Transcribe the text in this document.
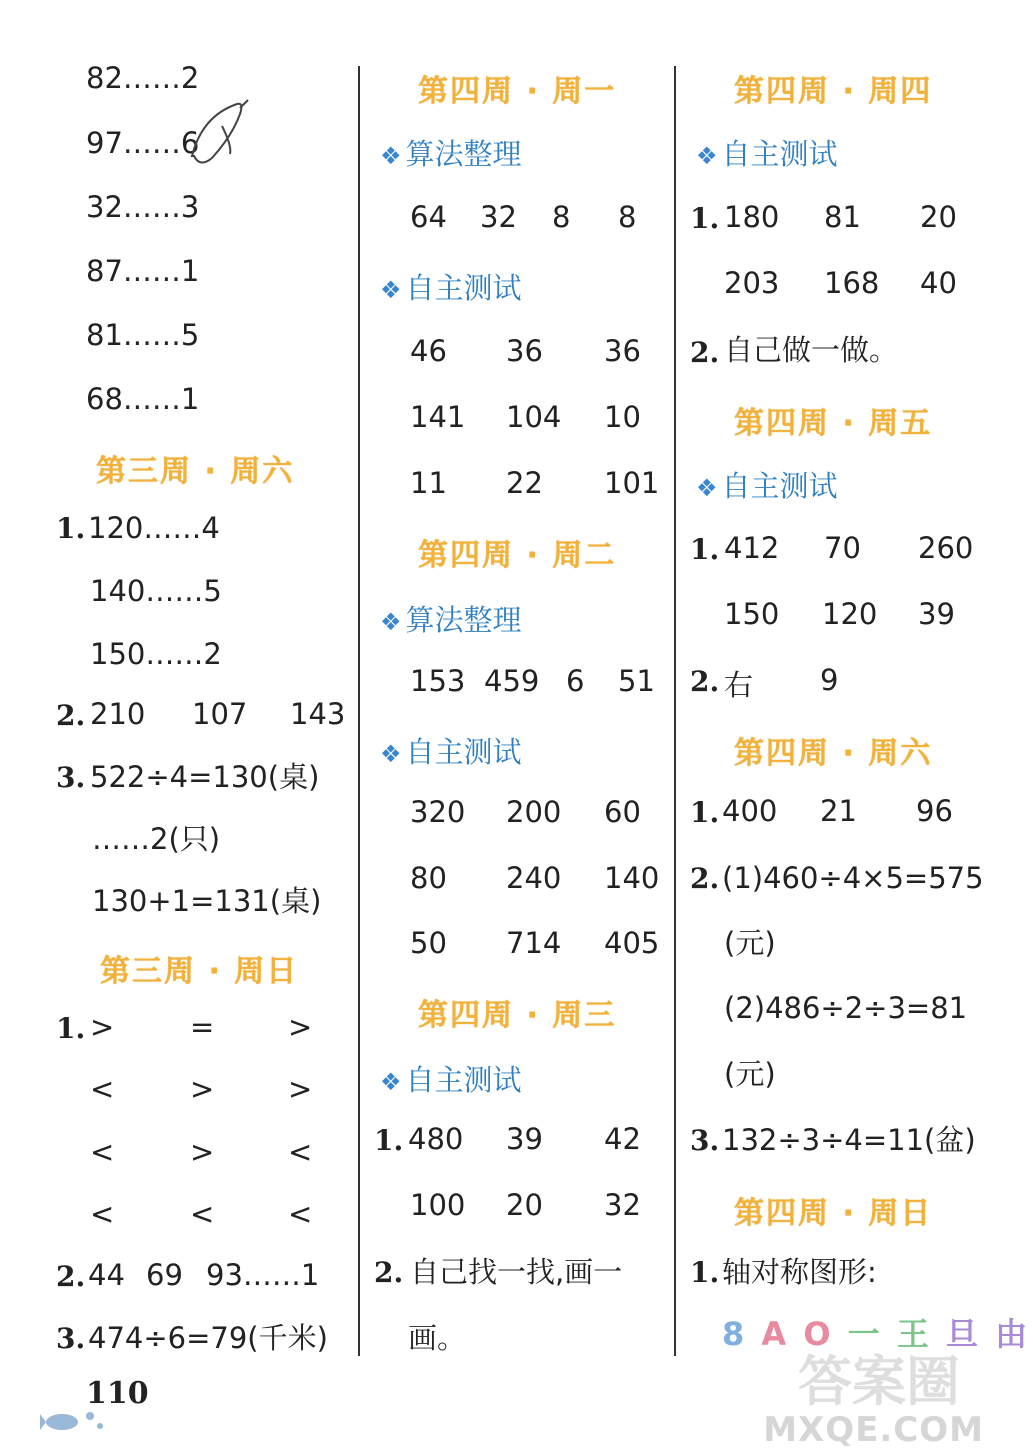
82……2
97……6
32……3
87……1
81……5
68……1
第三周 · 周六
1. 120……4
140……5
150……2
2. 210 107 143
3. 522÷4=130(桌)
……2(只)
130+1=131(桌)
第三周 · 周日
1. >	=	>
<	>	>
<	>	<
<	<	<
2. 44 69 93……1
3. 474÷6=79(千米)
第四周 · 周一
❖ 算法整理
64 32 8 8
❖ 自主测试
46 36 36
141 104 10
11 22 101
第四周 · 周二
❖ 算法整理
153 459 6 51
❖ 自主测试
320 200 60
80 240 140
50 714 405
第四周 · 周三
❖ 自主测试
1. 480 39 42
100 20 32
2. 自己找一找,画一
画。
第四周 · 周四
❖ 自主测试
1. 180 81 20
203 168 40
2. 自己做一做。
第四周 · 周五
❖ 自主测试
1. 412 70 260
150 120 39
2. 右 9
第四周 · 周六
1. 400 21 96
2. (1)460÷4×5=575
(元)
(2)486÷2÷3=81
(元)
3. 132÷3÷4=11(盆)
第四周 · 周日
1. 轴对称图形:
8 A O 一 王 旦 由
110	答案圈
MXQE.COM
